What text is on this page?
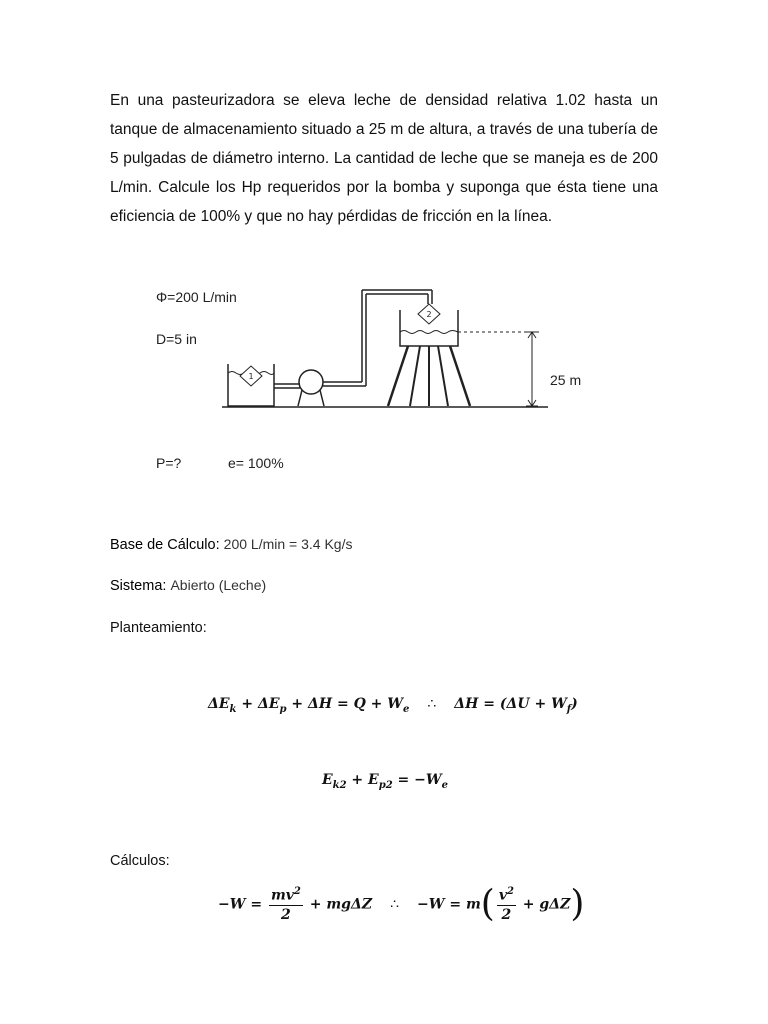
En una pasteurizadora se eleva leche de densidad relativa 1.02 hasta un tanque de almacenamiento situado a 25 m de altura, a través de una tubería de 5 pulgadas de diámetro interno. La cantidad de leche que se maneja es de 200 L/min. Calcule los Hp requeridos por la bomba y suponga que ésta tiene una eficiencia de 100% y que no hay pérdidas de fricción en la línea.
Φ=200 L/min
D=5 in
25 m
P=?	e= 100%
1
2
Base de Cálculo: 200 L/min = 3.4 Kg/s
Sistema: Abierto (Leche)
Planteamiento:
$\Delta E_k + \Delta E_p + \Delta H = Q + W_e$ ∴ $\Delta H = (\Delta U + W_f)$
$E_{k2} + E_{p2} = -W_e$
Cálculos:
$-W = \frac{mv^2}{2} + mg\Delta Z$ ∴ $-W = m( \frac{v^2}{2} + g\Delta Z)$
